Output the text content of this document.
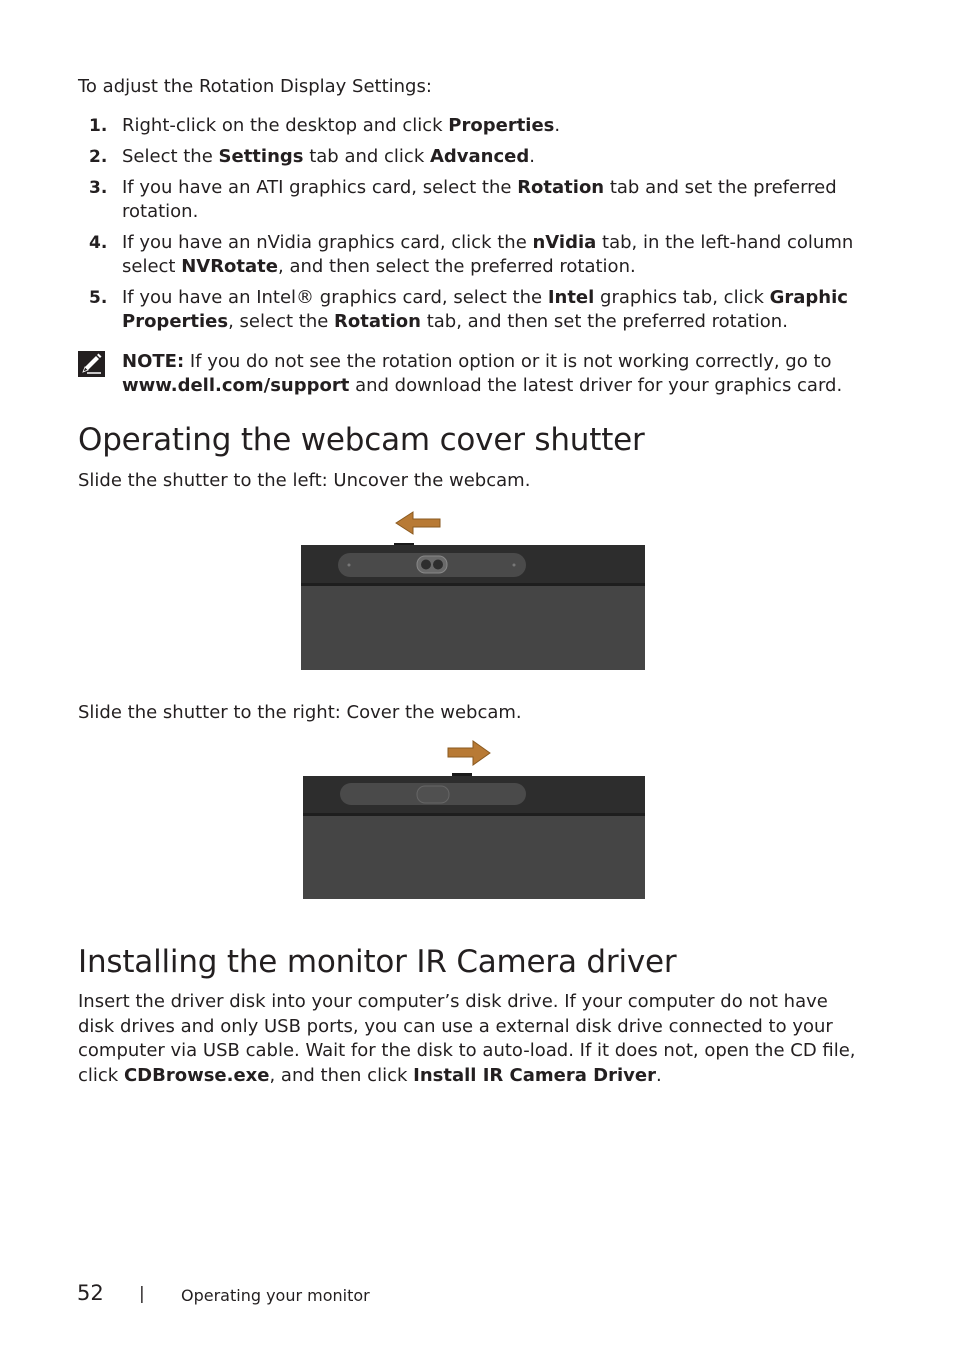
To adjust the Rotation Display Settings:
1. Right-click on the desktop and click Properties.
2. Select the Settings tab and click Advanced.
3. If you have an ATI graphics card, select the Rotation tab and set the preferred rotation.
4. If you have an nVidia graphics card, click the nVidia tab, in the left-hand column select NVRotate, and then select the preferred rotation.
5. If you have an Intel® graphics card, select the Intel graphics tab, click Graphic Properties, select the Rotation tab, and then set the preferred rotation.
NOTE: If you do not see the rotation option or it is not working correctly, go to www.dell.com/support and download the latest driver for your graphics card.
Operating the webcam cover shutter
Slide the shutter to the left: Uncover the webcam.
Slide the shutter to the right: Cover the webcam.
Installing the monitor IR Camera driver
Insert the driver disk into your computer’s disk drive. If your computer do not have disk drives and only USB ports, you can use a external disk drive connected to your computer via USB cable. Wait for the disk to auto-load. If it does not, open the CD file, click CDBrowse.exe, and then click Install IR Camera Driver.
52 | Operating your monitor
